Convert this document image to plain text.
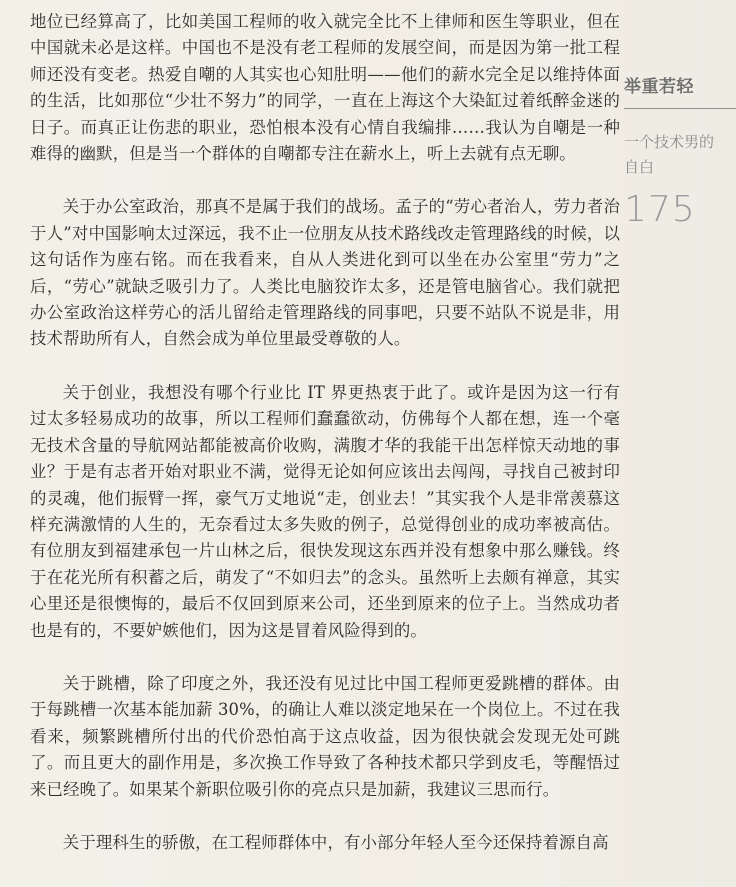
地位已经算高了，比如美国工程师的收入就完全比不上律师和医生等职业，但在中国就未必是这样。中国也不是没有老工程师的发展空间，而是因为第一批工程师还没有变老。热爱自嘲的人其实也心知肚明——他们的薪水完全足以维持体面的生活，比如那位“少壮不努力”的同学，一直在上海这个大染缸过着纸醉金迷的日子。而真正让伤悲的职业，恐怕根本没有心情自我编排……我认为自嘲是一种难得的幽默，但是当一个群体的自嘲都专注在薪水上，听上去就有点无聊。

关于办公室政治，那真不是属于我们的战场。孟子的“劳心者治人，劳力者治于人”对中国影响太过深远，我不止一位朋友从技术路线改走管理路线的时候，以这句话作为座右铭。而在我看来，自从人类进化到可以坐在办公室里“劳力”之后，“劳心”就缺乏吸引力了。人类比电脑狡诈太多，还是管电脑省心。我们就把办公室政治这样劳心的活儿留给走管理路线的同事吧，只要不站队不说是非，用技术帮助所有人，自然会成为单位里最受尊敬的人。

关于创业，我想没有哪个行业比 IT 界更热衷于此了。或许是因为这一行有过太多轻易成功的故事，所以工程师们蠢蠢欲动，仿佛每个人都在想，连一个毫无技术含量的导航网站都能被高价收购，满腹才华的我能干出怎样惊天动地的事业？于是有志者开始对职业不满，觉得无论如何应该出去闯闯，寻找自己被封印的灵魂，他们振臂一挥，豪气万丈地说“走，创业去！”其实我个人是非常羡慕这样充满激情的人生的，无奈看过太多失败的例子，总觉得创业的成功率被高估。有位朋友到福建承包一片山林之后，很快发现这东西并没有想象中那么赚钱。终于在花光所有积蓄之后，萌发了“不如归去”的念头。虽然听上去颇有禅意，其实心里还是很懊悔的，最后不仅回到原来公司，还坐到原来的位子上。当然成功者也是有的，不要妒嫉他们，因为这是冒着风险得到的。

关于跳槽，除了印度之外，我还没有见过比中国工程师更爱跳槽的群体。由于每跳槽一次基本能加薪 30%，的确让人难以淡定地呆在一个岗位上。不过在我看来，频繁跳槽所付出的代价恐怕高于这点收益，因为很快就会发现无处可跳了。而且更大的副作用是，多次换工作导致了各种技术都只学到皮毛，等醒悟过来已经晚了。如果某个新职位吸引你的亮点只是加薪，我建议三思而行。

关于理科生的骄傲，在工程师群体中，有小部分年轻人至今还保持着源自高

举重若轻
一个技术男的自白
175
